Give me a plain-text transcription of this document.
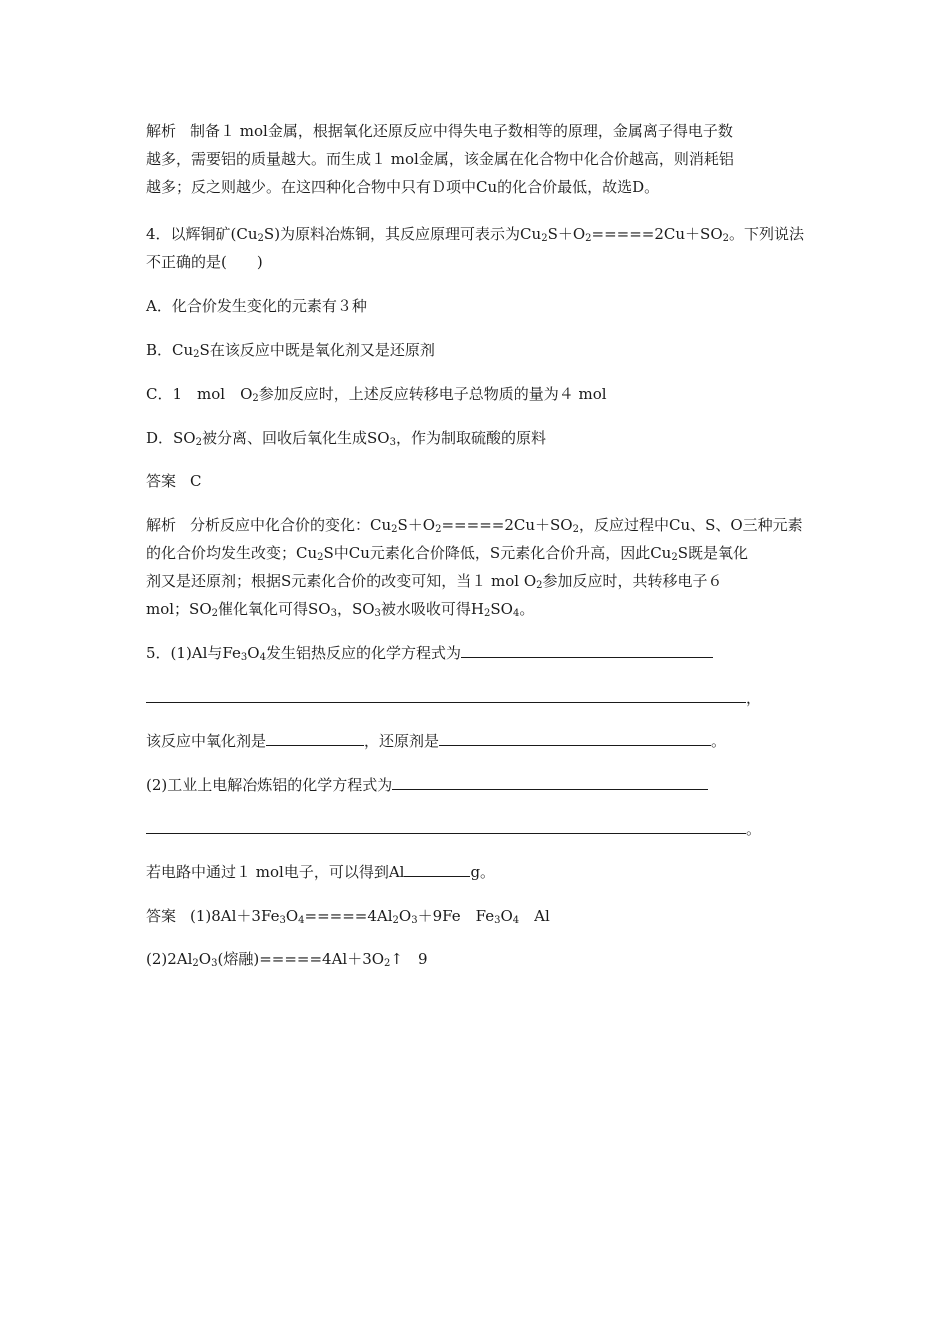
解析 制备１ mol金属，根据氧化还原反应中得失电子数相等的原理，金属离子得电子数
越多，需要铝的质量越大。而生成１ mol金属，该金属在化合物中化合价越高，则消耗铝
越多；反之则越少。在这四种化合物中只有Ｄ项中Cu的化合价最低，故选D。
4．以辉铜矿$(Cu_2S)$为原料冶炼铜，其反应原理可表示为$Cu_2S+O_2=====2Cu+SO_2$。下列说法
不正确的是(　　)
A．化合价发生变化的元素有３种
B．$Cu_2S$在该反应中既是氧化剂又是还原剂
C．1　mol　$O_2$参加反应时，上述反应转移电子总物质的量为４ mol
D．$SO_2$被分离、回收后氧化生成$SO_3$，作为制取硫酸的原料
答案 C
解析 分析反应中化合价的变化：$Cu_2S+O_2=====2Cu+SO_2$，反应过程中Cu、S、O三种元素
的化合价均发生改变；$Cu_2S$中Cu元素化合价降低，S元素化合价升高，因此$Cu_2S$既是氧化
剂又是还原剂；根据S元素化合价的改变可知，当１ mol $O_2$参加反应时，共转移电子６
mol；$SO_2$催化氧化可得$SO_3$，$SO_3$被水吸收可得$H_2SO_4$。
5．(1)Al与$Fe_3O_4$发生铝热反应的化学方程式为
，
该反应中氧化剂是	，还原剂是	。
(2)工业上电解冶炼铝的化学方程式为
。
若电路中通过１ mol电子，可以得到Al	g。
答案 $(1)8Al+3Fe_3O_4=====4Al_2O_3+9Fe$　$Fe_3O_4$　Al
$(2)2Al_2O_3$(熔融)$=====4Al+3O_2↑$　9
